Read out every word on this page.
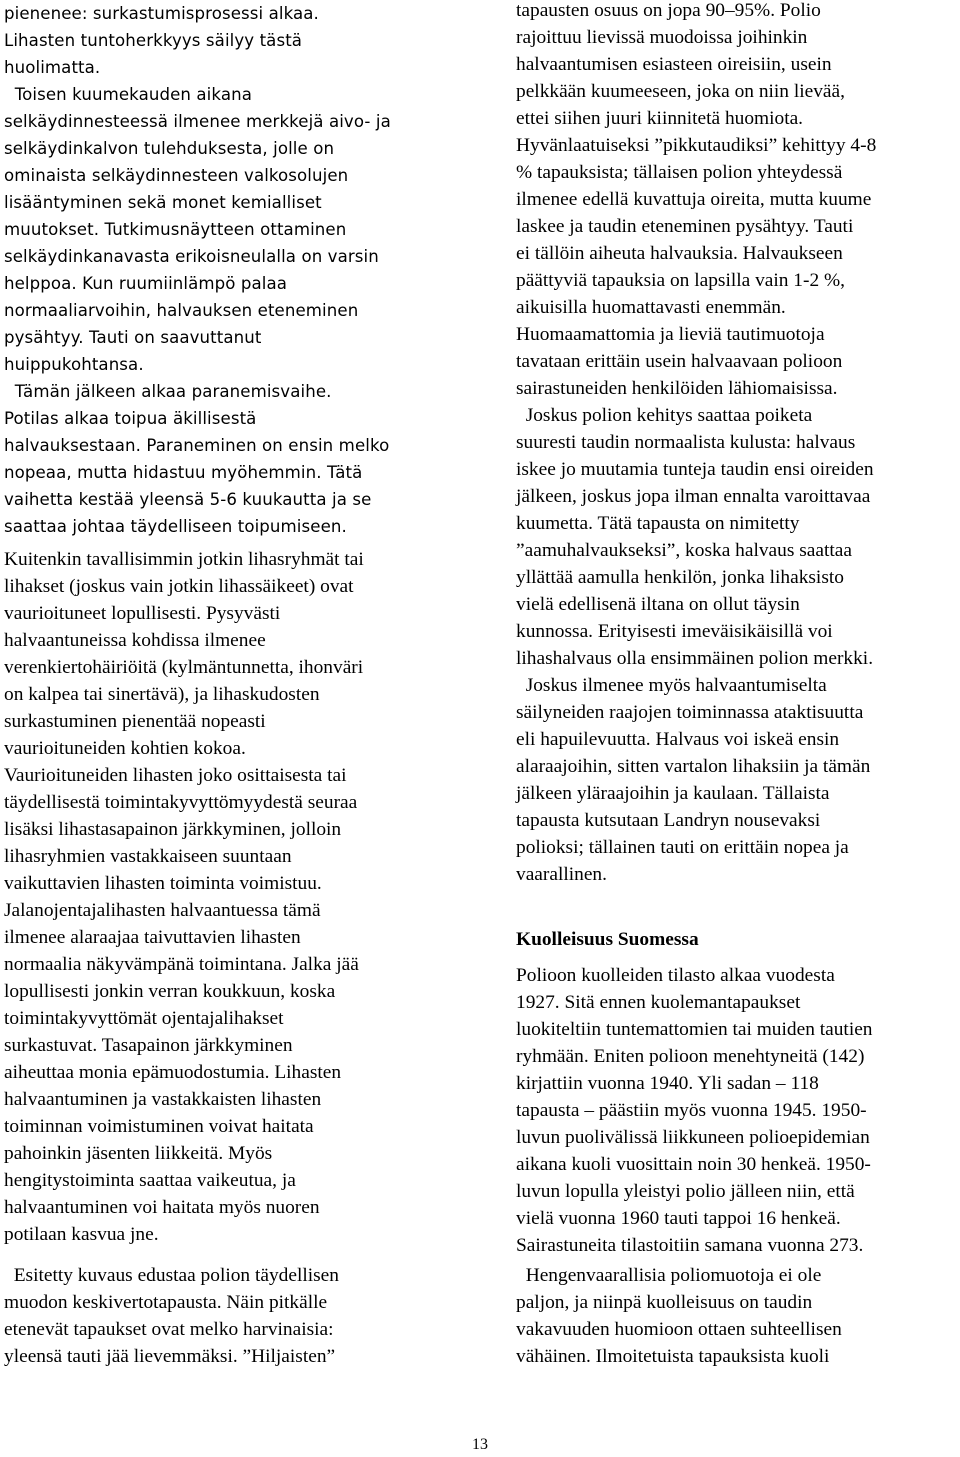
pienenee: surkastumisprosessi alkaa.
Lihasten tuntoherkkyys säilyy tästä
huolimatta.
Toisen kuumekauden aikana
selkäydinnesteessä ilmenee merkkejä aivo- ja
selkäydinkalvon tulehduksesta, jolle on
ominaista selkäydinnesteen valkosolujen
lisääntyminen sekä monet kemialliset
muutokset. Tutkimusnäytteen ottaminen
selkäydinkanavasta erikoisneulalla on varsin
helppoa. Kun ruumiinlämpö palaa
normaaliarvoihin, halvauksen eteneminen
pysähtyy. Tauti on saavuttanut
huippukohtansa.
Tämän jälkeen alkaa paranemisvaihe.
Potilas alkaa toipua äkillisestä
halvauksestaan. Paraneminen on ensin melko
nopeaa, mutta hidastuu myöhemmin. Tätä
vaihetta kestää yleensä 5-6 kuukautta ja se
saattaa johtaa täydelliseen toipumiseen.
Kuitenkin tavallisimmin jotkin lihasryhmät tai
lihakset (joskus vain jotkin lihassäikeet) ovat
vaurioituneet lopullisesti. Pysyvästi
halvaantuneissa kohdissa ilmenee
verenkiertohäiriöitä (kylmäntunnetta, ihonväri
on kalpea tai sinertävä), ja lihaskudosten
surkastuminen pienentää nopeasti
vaurioituneiden kohtien kokoa.
Vaurioituneiden lihasten joko osittaisesta tai
täydellisestä toimintakyvyttömyydestä seuraa
lisäksi lihastasapainon järkkyminen, jolloin
lihasryhmien vastakkaiseen suuntaan
vaikuttavien lihasten toiminta voimistuu.
Jalanojentajalihasten halvaantuessa tämä
ilmenee alaraajaa taivuttavien lihasten
normaalia näkyvämpänä toimintana. Jalka jää
lopullisesti jonkin verran koukkuun, koska
toimintakyvyttömät ojentajalihakset
surkastuvat. Tasapainon järkkyminen
aiheuttaa monia epämuodostumia. Lihasten
halvaantuminen ja vastakkaisten lihasten
toiminnan voimistuminen voivat haitata
pahoinkin jäsenten liikkeitä. Myös
hengitystoiminta saattaa vaikeutua, ja
halvaantuminen voi haitata myös nuoren
potilaan kasvua jne.
Esitetty kuvaus edustaa polion täydellisen
muodon keskivertotapausta. Näin pitkälle
etenevät tapaukset ovat melko harvinaisia:
yleensä tauti jää lievemmäksi. ”Hiljaisten”
tapausten osuus on jopa 90–95%. Polio
rajoittuu lievissä muodoissa joihinkin
halvaantumisen esiasteen oireisiin, usein
pelkkään kuumeeseen, joka on niin lievää,
ettei siihen juuri kiinnitetä huomiota.
Hyvänlaatuiseksi ”pikkutaudiksi” kehittyy 4-8
% tapauksista; tällaisen polion yhteydessä
ilmenee edellä kuvattuja oireita, mutta kuume
laskee ja taudin eteneminen pysähtyy. Tauti
ei tällöin aiheuta halvauksia. Halvaukseen
päättyviä tapauksia on lapsilla vain 1-2 %,
aikuisilla huomattavasti enemmän.
Huomaamattomia ja lieviä tautimuotoja
tavataan erittäin usein halvaavaan polioon
sairastuneiden henkilöiden lähiomaisissa.
Joskus polion kehitys saattaa poiketa
suuresti taudin normaalista kulusta: halvaus
iskee jo muutamia tunteja taudin ensi oireiden
jälkeen, joskus jopa ilman ennalta varoittavaa
kuumetta. Tätä tapausta on nimitetty
”aamuhalvaukseksi”, koska halvaus saattaa
yllättää aamulla henkilön, jonka lihaksisto
vielä edellisenä iltana on ollut täysin
kunnossa. Erityisesti imeväisikäisillä voi
lihashalvaus olla ensimmäinen polion merkki.
Joskus ilmenee myös halvaantumiselta
säilyneiden raajojen toiminnassa ataktisuutta
eli hapuilevuutta. Halvaus voi iskeä ensin
alaraajoihin, sitten vartalon lihaksiin ja tämän
jälkeen yläraajoihin ja kaulaan. Tällaista
tapausta kutsutaan Landryn nousevaksi
polioksi; tällainen tauti on erittäin nopea ja
vaarallinen.
Kuolleisuus Suomessa
Polioon kuolleiden tilasto alkaa vuodesta
1927. Sitä ennen kuolemantapaukset
luokiteltiin tuntemattomien tai muiden tautien
ryhmään. Eniten polioon menehtyneitä (142)
kirjattiin vuonna 1940. Yli sadan – 118
tapausta – päästiin myös vuonna 1945. 1950-
luvun puolivälissä liikkuneen polioepidemian
aikana kuoli vuosittain noin 30 henkeä. 1950-
luvun lopulla yleistyi polio jälleen niin, että
vielä vuonna 1960 tauti tappoi 16 henkeä.
Sairastuneita tilastoitiin samana vuonna 273.
Hengenvaarallisia poliomuotoja ei ole
paljon, ja niinpä kuolleisuus on taudin
vakavuuden huomioon ottaen suhteellisen
vähäinen. Ilmoitetuista tapauksista kuoli
13
